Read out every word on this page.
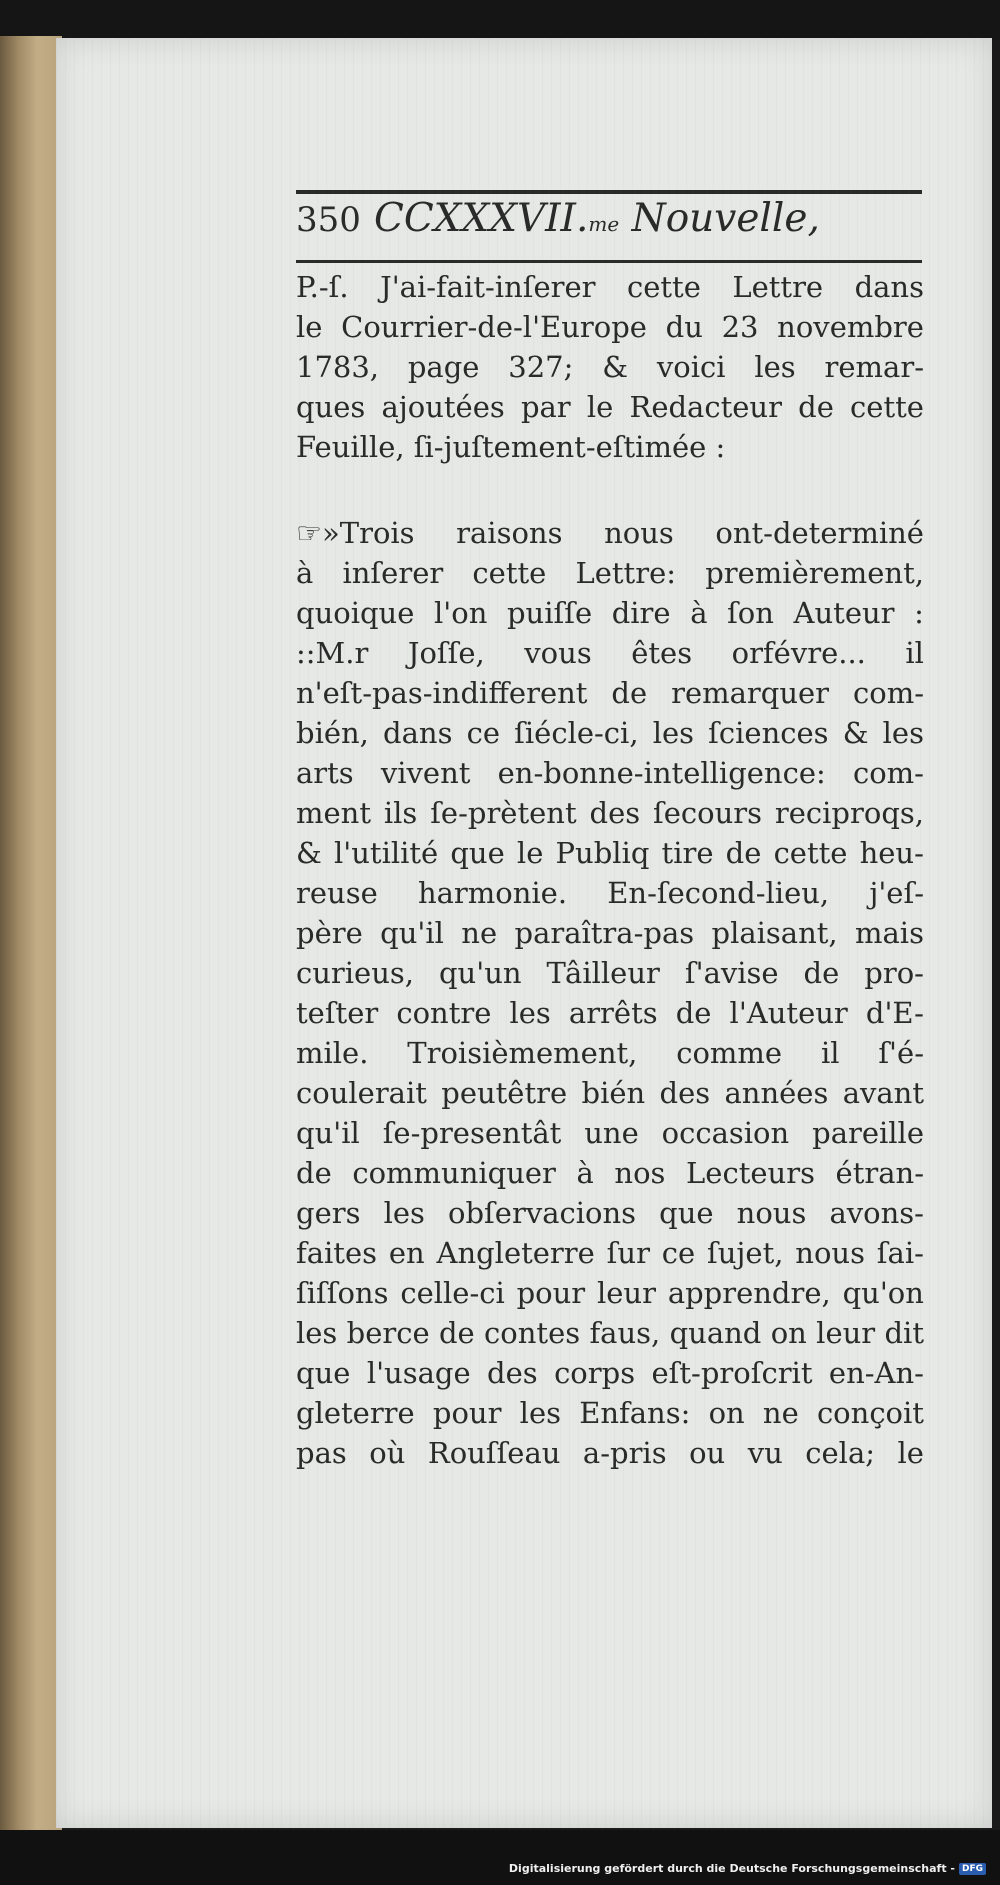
350 CCXXXVII. me
Nouvelle,
P.-ſ. J'ai-fait-inſerer cette Lettre dans
le Courrier-de-l'Europe du 23 novembre
1783, page 327; & voici les remar-
ques ajoutées par le Redacteur de cette
Feuille, ſi-juſtement-eſtimée :
☞»Trois raisons nous ont-determiné
à inſerer cette Lettre: premièrement,
quoique l'on puiſſe dire à ſon Auteur :
::M.r Joſſe, vous êtes orfévre... il
n'eſt-pas-indifferent de remarquer com-
bién, dans ce ſiécle-ci, les ſciences & les
arts vivent en-bonne-intelligence: com-
ment ils ſe-prètent des ſecours reciproqs,
& l'utilité que le Publiq tire de cette heu-
reuse harmonie. En-ſecond-lieu, j'eſ-
père qu'il ne paraîtra-pas plaisant, mais
curieus, qu'un Tâilleur ſ'avise de pro-
teſter contre les arrêts de l'Auteur d'E-
mile. Troisièmement, comme il ſ'é-
coulerait peutêtre bién des années avant
qu'il ſe-presentât une occasion pareille
de communiquer à nos Lecteurs étran-
gers les obſervacions que nous avons-
faites en Angleterre ſur ce ſujet, nous ſai-
ſiſſons celle-ci pour leur apprendre, qu'on
les berce de contes faus, quand on leur dit
que l'usage des corps eſt-proſcrit en-An-
gleterre pour les Enfans: on ne conçoit
pas où Rouſſeau a-pris ou vu cela; le
Digitalisierung gefördert durch die Deutsche Forschungsgemeinschaft - DFG
